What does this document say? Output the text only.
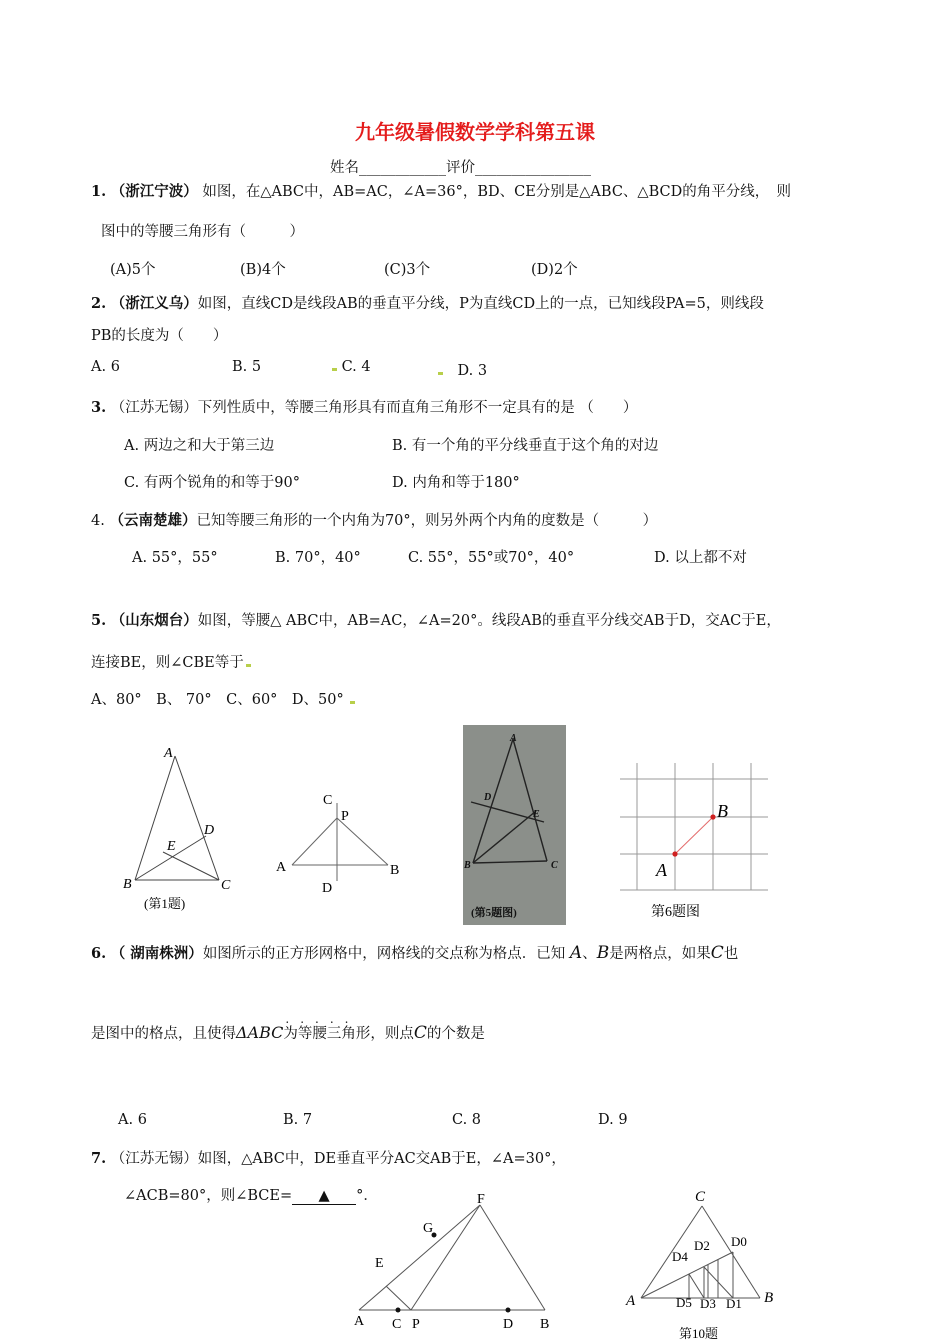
九年级暑假数学学科第五课
姓名____________评价________________
1. （浙江宁波） 如图，在△ABC中，AB=AC，∠A=36°，BD、CE分别是△ABC、△BCD的角平分线，　则
图中的等腰三角形有（　　　）
(A)5个	(B)4个	(C)3个	(D)2个
2. （浙江义乌）如图，直线CD是线段AB的垂直平分线，P为直线CD上的一点，已知线段PA=5，则线段
PB的长度为（　　）
A. 6	B. 5	C. 4
　	D. 3
3. （江苏无锡）下列性质中，等腰三角形具有而直角三角形不一定具有的是 （　　）
A. 两边之和大于第三边	B. 有一个角的平分线垂直于这个角的对边
C. 有两个锐角的和等于90°	D. 内角和等于180°
4. （云南楚雄）已知等腰三角形的一个内角为70°，则另外两个内角的度数是（　　　）
A. 55°，55°	B. 70°，40°	C. 55°，55°或70°，40°	D. 以上都不对
5. （山东烟台）如图，等腰△ ABC中，AB=AC，∠A=20°。线段AB的垂直平分线交AB于D，交AC于E，
连接BE，则∠CBE等于
A、80°　B、 70°　C、60°　D、50°
A
B	C
D
E
(第1题)
C
P
A	B
D
A
D
E
B	C
(第5题图)
A
B
第6题图
6. （ 湖南株洲）如图所示的正方形网格中，网格线的交点称为格点．已知 A、B是两格点，如果C也
是图中的格点，且使得ΔABC
.....
为等腰三角形，则点C的个数是
A. 6	B. 7	C. 8	D. 9
7. （江苏无锡）如图，△ABC中，DE垂直平分AC交AB于E，∠A=30°，
∠ACB=80°，则∠BCE= ▲ °．	F
G
E
A C P	D B
C
D0
D2
D4
A	D5 D3 D1 B
第10题
